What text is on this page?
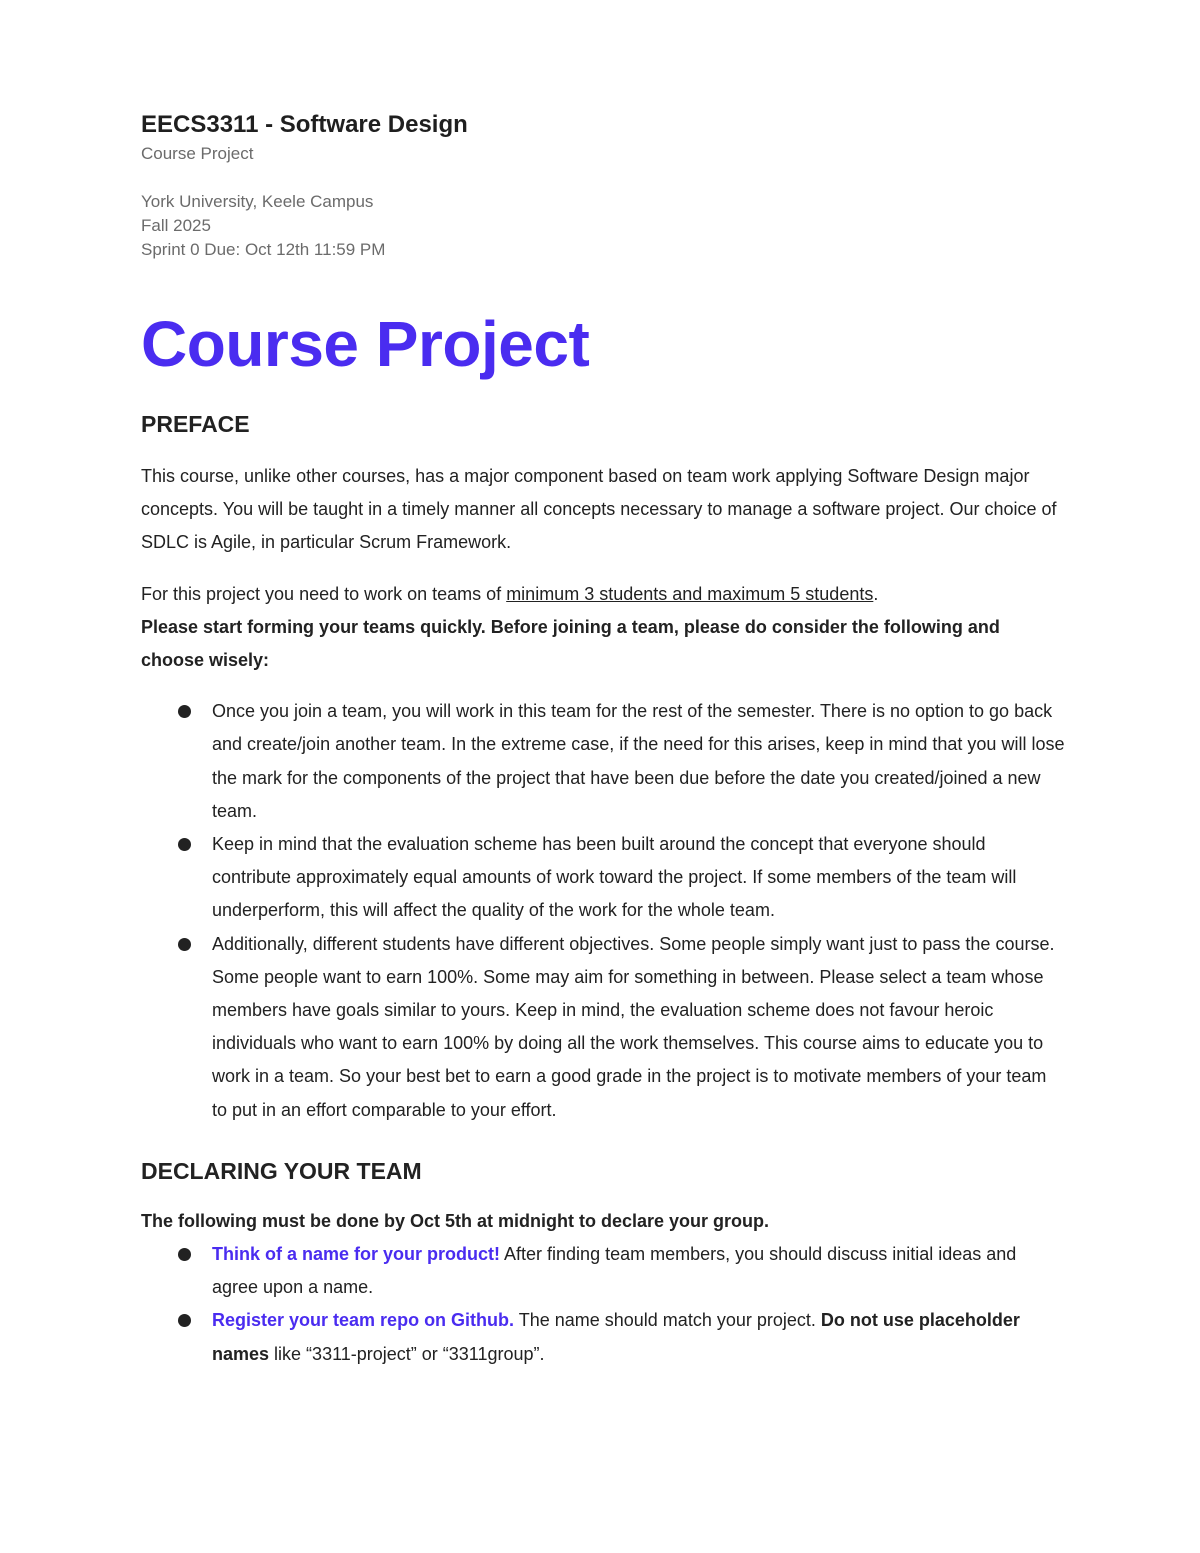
EECS3311 - Software Design

Course Project

York University, Keele Campus

Fall 2025

Sprint 0 Due: Oct 12th 11:59 PM

Course Project
PREFACE

This course, unlike other courses, has a major component based on team work applying Software Design major concepts. You will be taught in a timely manner all concepts necessary to manage a software project. Our choice of SDLC is Agile, in particular Scrum Framework.

For this project you need to work on teams of minimum 3 students and maximum 5 students.
Please start forming your teams quickly. Before joining a team, please do consider the following and choose wisely:

Once you join a team, you will work in this team for the rest of the semester. There is no option to go back and create/join another team. In the extreme case, if the need for this arises, keep in mind that you will lose the mark for the components of the project that have been due before the date you created/joined a new team.
Keep in mind that the evaluation scheme has been built around the concept that everyone should contribute approximately equal amounts of work toward the project. If some members of the team will underperform, this will affect the quality of the work for the whole team.
Additionally, different students have different objectives. Some people simply want just to pass the course. Some people want to earn 100%. Some may aim for something in between. Please select a team whose members have goals similar to yours. Keep in mind, the evaluation scheme does not favour heroic individuals who want to earn 100% by doing all the work themselves. This course aims to educate you to work in a team. So your best bet to earn a good grade in the project is to motivate members of your team to put in an effort comparable to your effort.
DECLARING YOUR TEAM

The following must be done by Oct 5th at midnight to declare your group.

Think of a name for your product! After finding team members, you should discuss initial ideas and agree upon a name.
Register your team repo on Github. The name should match your project. Do not use placeholder names like “3311-project” or “3311group”.
